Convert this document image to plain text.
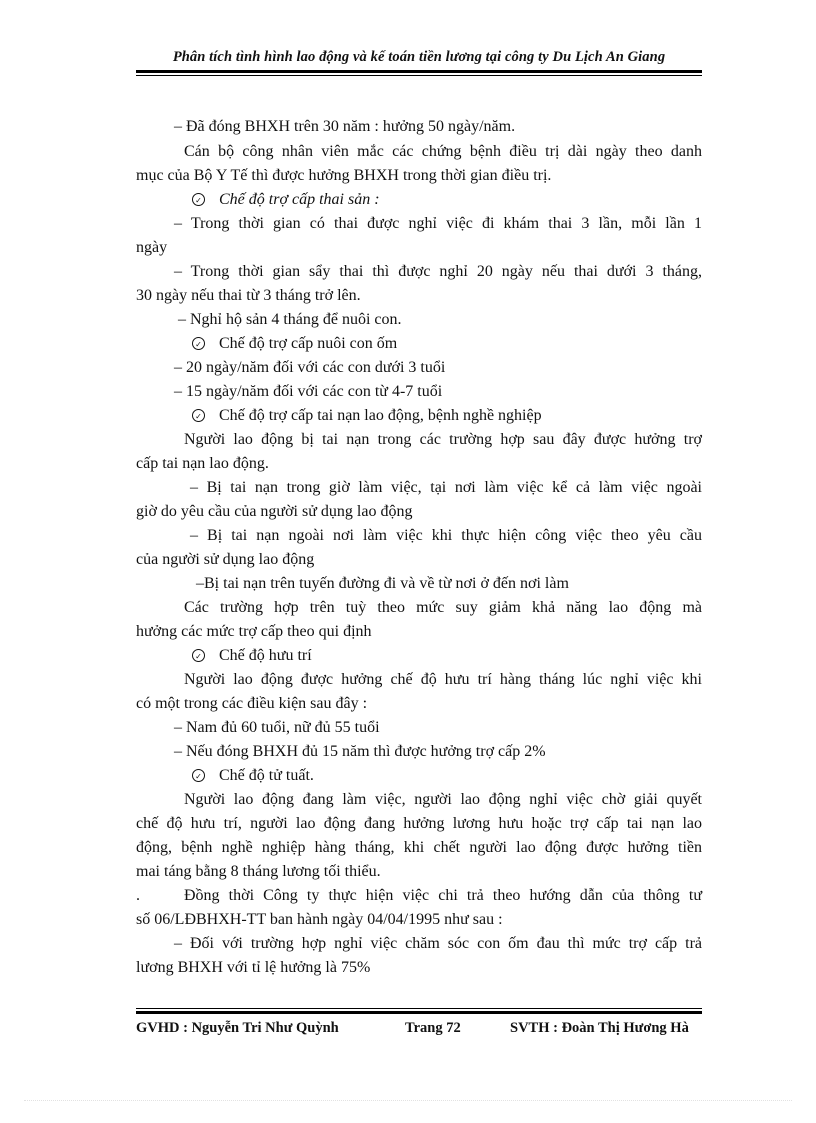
Phân tích tình hình lao động và kế toán tiền lương tại công ty Du Lịch An Giang
– Đã đóng BHXH trên 30 năm : hưởng 50 ngày/năm.
Cán bộ công nhân viên mắc các chứng bệnh điều trị dài ngày theo danh
mục của Bộ Y Tế thì được hưởng BHXH trong thời gian điều trị.
✓ Chế độ trợ cấp thai sản :
– Trong thời gian có thai được nghỉ việc đi khám thai 3 lần, mỗi lần 1
ngày
– Trong thời gian sẩy thai thì được nghỉ 20 ngày nếu thai dưới 3 tháng,
30 ngày nếu thai từ 3 tháng trở lên.
– Nghỉ hộ sản 4 tháng để nuôi con.
✓ Chế độ trợ cấp nuôi con ốm
– 20 ngày/năm đối với các con dưới 3 tuổi
– 15 ngày/năm đối với các con từ 4-7 tuổi
✓ Chế độ trợ cấp tai nạn lao động, bệnh nghề nghiệp
Người lao động bị tai nạn trong các trường hợp sau đây được hưởng trợ
cấp tai nạn lao động.
– Bị tai nạn trong giờ làm việc, tại nơi làm việc kể cả làm việc ngoài
giờ do yêu cầu của người sử dụng lao động
– Bị tai nạn ngoài nơi làm việc khi thực hiện công việc theo yêu cầu
của người sử dụng lao động
–Bị tai nạn trên tuyến đường đi và về từ nơi ở đến nơi làm
Các trường hợp trên tuỳ theo mức suy giảm khả năng lao động mà
hưởng các mức trợ cấp theo qui định
✓ Chế độ hưu trí
Người lao động được hưởng chế độ hưu trí hàng tháng lúc nghỉ việc khi
có một trong các điều kiện sau đây :
– Nam đủ 60 tuổi, nữ đủ 55 tuổi
– Nếu đóng BHXH đủ 15 năm thì được hưởng trợ cấp 2%
✓ Chế độ tử tuất.
Người lao động đang làm việc, người lao động nghỉ việc chờ giải quyết
chế độ hưu trí, người lao động đang hưởng lương hưu hoặc trợ cấp tai nạn lao
động, bệnh nghề nghiệp hàng tháng, khi chết người lao động được hưởng tiền
mai táng bằng 8 tháng lương tối thiểu.
.	Đồng thời Công ty thực hiện việc chi trả theo hướng dẫn của thông tư
số 06/LĐBHXH-TT ban hành ngày 04/04/1995 như sau :
– Đối với trường hợp nghỉ việc chăm sóc con ốm đau thì mức trợ cấp trả
lương BHXH với tỉ lệ hưởng là 75%
GVHD : Nguyễn Tri Như Quỳnh	Trang 72	SVTH : Đoàn Thị Hương Hà
